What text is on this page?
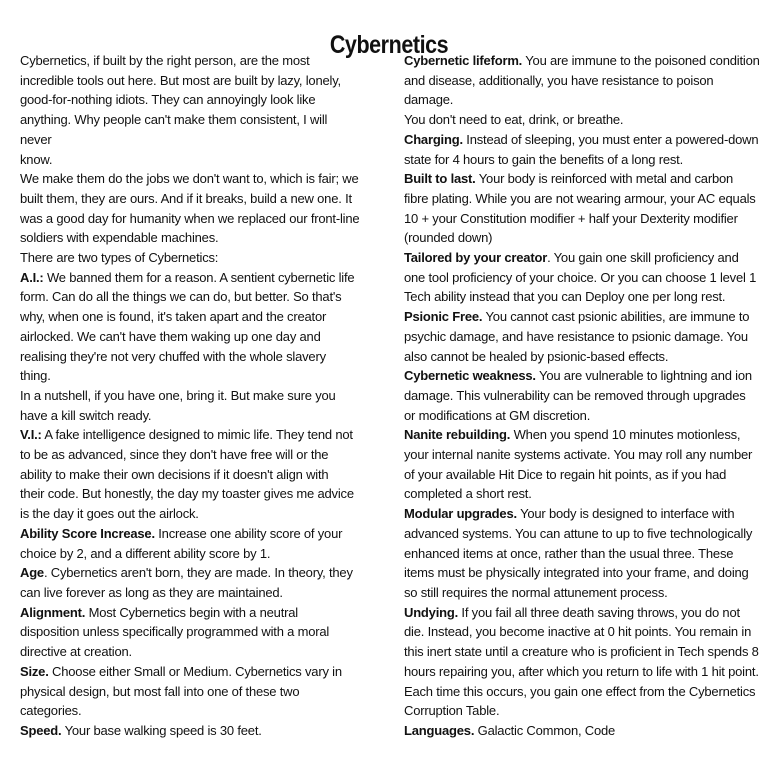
Cybernetics

Cybernetics, if built by the right person, are the most

incredible tools out here. But most are built by lazy, lonely,

good-for-nothing idiots. They can annoyingly look like

anything. Why people can't make them consistent, I will never

know.

We make them do the jobs we don't want to, which is fair; we

built them, they are ours. And if it breaks, build a new one. It

was a good day for humanity when we replaced our front-line

soldiers with expendable machines.

There are two types of Cybernetics:

A.I.: We banned them for a reason. A sentient cybernetic life

form. Can do all the things we can do, but better. So that's

why, when one is found, it's taken apart and the creator

airlocked. We can't have them waking up one day and

realising they're not very chuffed with the whole slavery

thing.

In a nutshell, if you have one, bring it. But make sure you

have a kill switch ready.

V.I.: A fake intelligence designed to mimic life. They tend not

to be as advanced, since they don't have free will or the

ability to make their own decisions if it doesn't align with

their code. But honestly, the day my toaster gives me advice

is the day it goes out the airlock.

Ability Score Increase. Increase one ability score of your choice by 2, and a different ability score by 1.

Age. Cybernetics aren't born, they are made. In theory, they can live forever as long as they are maintained.

Alignment. Most Cybernetics begin with a neutral disposition unless specifically programmed with a moral directive at creation.

Size. Choose either Small or Medium. Cybernetics vary in physical design, but most fall into one of these two categories.

Speed. Your base walking speed is 30 feet.

Cybernetic lifeform. You are immune to the poisoned condition and disease, additionally, you have resistance to poison damage.

You don't need to eat, drink, or breathe.

Charging. Instead of sleeping, you must enter a powered-down state for 4 hours to gain the benefits of a long rest.

Built to last. Your body is reinforced with metal and carbon fibre plating. While you are not wearing armour, your AC equals 10 + your Constitution modifier + half your Dexterity modifier (rounded down)

Tailored by your creator. You gain one skill proficiency and one tool proficiency of your choice. Or you can choose 1 level 1 Tech ability instead that you can Deploy one per long rest.

Psionic Free. You cannot cast psionic abilities, are immune to psychic damage, and have resistance to psionic damage. You also cannot be healed by psionic-based effects.

Cybernetic weakness. You are vulnerable to lightning and ion damage. This vulnerability can be removed through upgrades or modifications at GM discretion.

Nanite rebuilding. When you spend 10 minutes motionless, your internal nanite systems activate. You may roll any number of your available Hit Dice to regain hit points, as if you had completed a short rest.

Modular upgrades. Your body is designed to interface with advanced systems. You can attune to up to five technologically enhanced items at once, rather than the usual three. These items must be physically integrated into your frame, and doing so still requires the normal attunement process.

Undying. If you fail all three death saving throws, you do not die. Instead, you become inactive at 0 hit points. You remain in this inert state until a creature who is proficient in Tech spends 8 hours repairing you, after which you return to life with 1 hit point. Each time this occurs, you gain one effect from the Cybernetics Corruption Table.

Languages. Galactic Common, Code
